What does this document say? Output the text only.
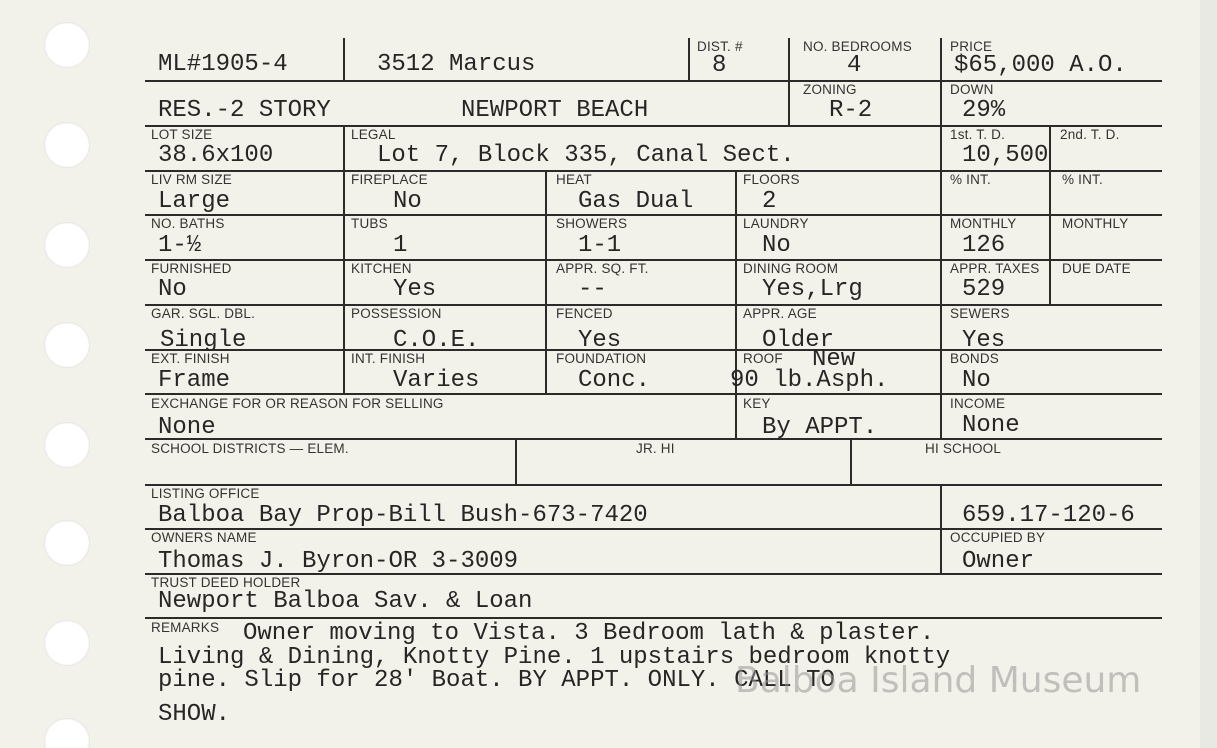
ML#1905-4	3512 Marcus
DIST. #
8
NO. BEDROOMS
4
PRICE
$65,000 A.O.
RES.-2 STORY	NEWPORT BEACH
ZONING
R-2
DOWN
29%
LOT SIZE
38.6x100
LEGAL
Lot 7, Block 335, Canal Sect.
1st. T. D.
10,500
2nd. T. D.
LIV RM SIZE
Large
FIREPLACE
No
HEAT
Gas Dual
FLOORS
2
% INT.	% INT.
NO. BATHS
1-½
TUBS
1
SHOWERS
1-1
LAUNDRY
No
MONTHLY
126
MONTHLY
FURNISHED
No
KITCHEN
Yes
APPR. SQ. FT.
--
DINING ROOM
Yes,Lrg
APPR. TAXES
529
DUE DATE
GAR. SGL. DBL.
Single
POSSESSION
C.O.E.
FENCED
Yes
APPR. AGE
Older
SEWERS
Yes
EXT. FINISH
Frame
INT. FINISH
Varies
FOUNDATION
Conc.
ROOF New
90 lb.Asph.
BONDS
No
EXCHANGE FOR OR REASON FOR SELLING
None
KEY
By APPT.
INCOME
None
SCHOOL DISTRICTS — ELEM.	JR. HI	HI SCHOOL
LISTING OFFICE
Balboa Bay Prop-Bill Bush-673-7420	659.17-120-6
OWNERS NAME
Thomas J. Byron-OR 3-3009
OCCUPIED BY
Owner
TRUST DEED HOLDER
Newport Balboa Sav. & Loan
REMARKS Owner moving to Vista. 3 Bedroom lath & plaster.
Living & Dining, Knotty Pine. 1 upstairs bedroom knotty
pine. Slip for 28' Boat. BY APPT. ONLY. CALL TO
SHOW.
Balboa Island Museum
